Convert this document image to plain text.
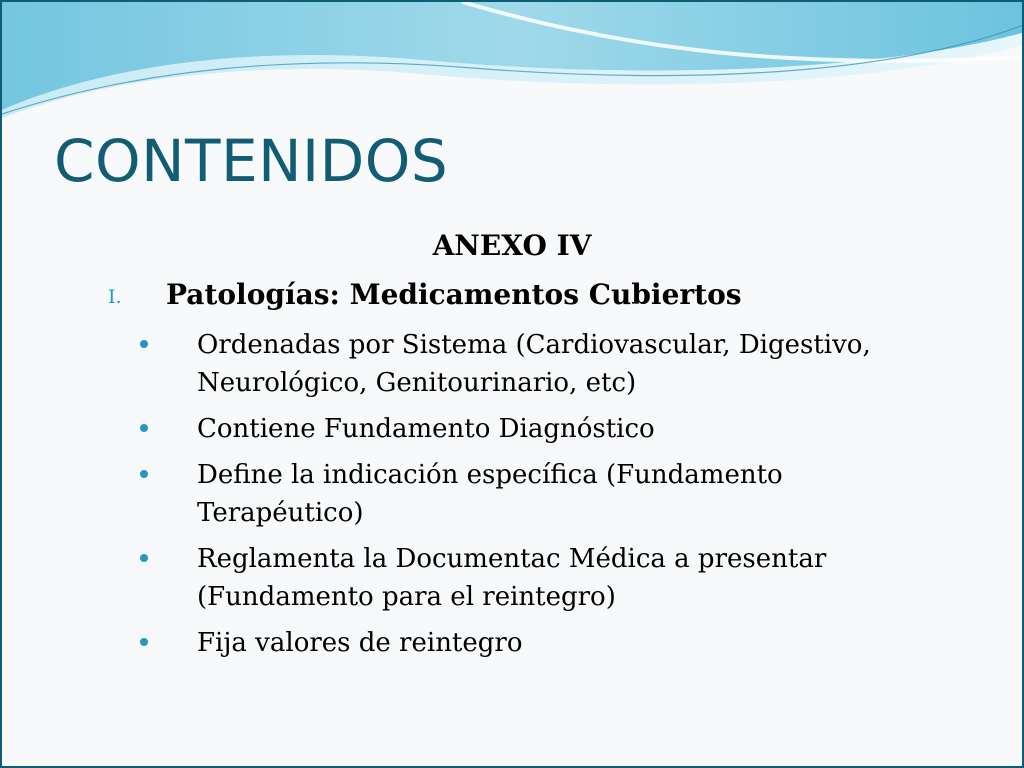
CONTENIDOS
ANEXO IV
I. Patologías: Medicamentos Cubiertos
Ordenadas por Sistema (Cardiovascular, Digestivo, Neurológico, Genitourinario, etc)
Contiene Fundamento Diagnóstico
Define la indicación específica (Fundamento Terapéutico)
Reglamenta la Documentac Médica a presentar (Fundamento para el reintegro)
Fija valores de reintegro
